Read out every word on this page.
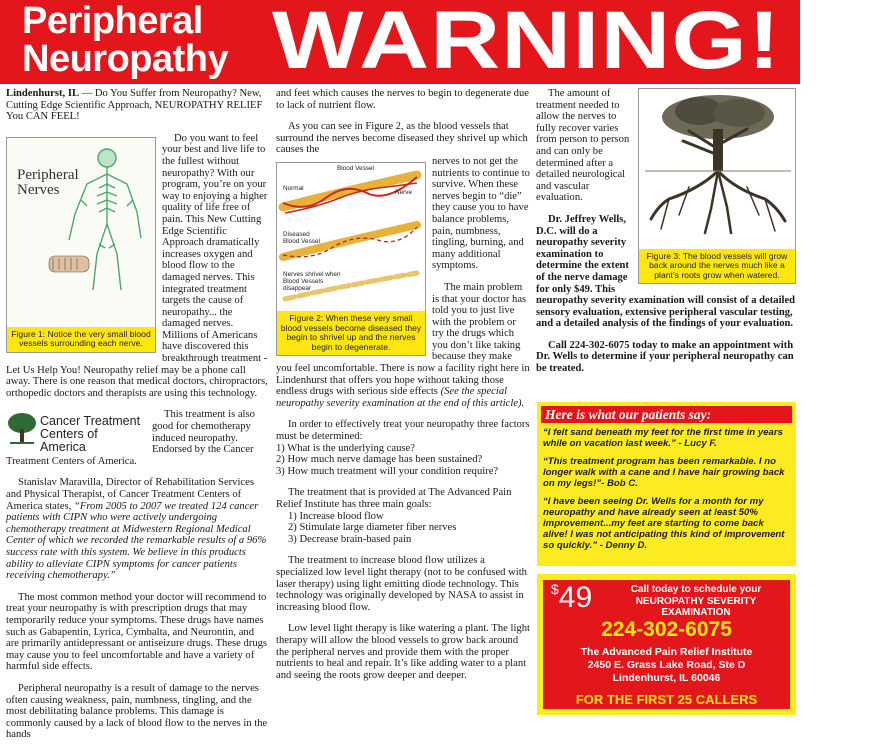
Peripheral
Neuropathy WARNING!

Lindenhurst, IL –– Do You Suffer from Neuropathy? New, Cutting Edge Scientific Approach, NEUROPATHY RELIEF You CAN FEEL!

Peripheral
Nerves
Figure 1: Notice the very small blood vessels surrounding each nerve.

Do you want to feel your best and live life to the fullest without neuropathy? With our program, you’re on your way to enjoying a higher quality of life free of pain. This New Cutting Edge Scientific Approach dramatically increases oxygen and blood flow to the damaged nerves. This integrated treatment targets the cause of neuropathy... the damaged nerves. Millions of Americans have discovered this breakthrough treatment - Let Us Help You! Neuropathy relief may be a phone call away. There is one reason that medical doctors, chiropractors, orthopedic doctors and therapists are using this technology.

Cancer Treatment
Centers of America

This treatment is also good for chemotherapy induced neuropathy. Endorsed by the Cancer Treatment Centers of America.

Stanislav Maravilla, Director of Rehabilitation Services and Physical Therapist, of Cancer Treatment Centers of America states, “From 2005 to 2007 we treated 124 cancer patients with CIPN who were actively undergoing chemotherapy treatment at Midwestern Regional Medical Center of which we recorded the remarkable results of a 96% success rate with this system. We believe in this products ability to alleviate CIPN symptoms for cancer patients receiving chemotherapy.”

The most common method your doctor will recommend to treat your neuropathy is with prescription drugs that may temporarily reduce your symptoms. These drugs have names such as Gabapentin, Lyrica, Cymbalta, and Neurontin, and are primarily antidepressant or antiseizure drugs. These drugs may cause you to feel uncomfortable and have a variety of harmful side effects.

Peripheral neuropathy is a result of damage to the nerves often causing weakness, pain, numbness, tingling, and the most debilitating balance problems. This damage is commonly caused by a lack of blood flow to the nerves in the hands

and feet which causes the nerves to begin to degenerate due to lack of nutrient flow.

As you can see in Figure 2, as the blood vessels that surround the nerves become diseased they shrivel up which causes the

Blood Vessel
Nerve
Normal
Diseased Blood Vessel
Nerves shrivel when Blood Vessels disappear
Figure 2: When these very small blood vessels become diseased they begin to shrivel up and the nerves begin to degenerate.

nerves to not get the nutrients to continue to survive. When these nerves begin to “die” they cause you to have balance problems, pain, numbness, tingling, burning, and many additional symptoms.

The main problem is that your doctor has told you to just live with the problem or try the drugs which you don’t like taking because they make you feel uncomfortable. There is now a facility right here in Lindenhurst that offers you hope without taking those endless drugs with serious side effects (See the special neuropathy severity examination at the end of this article).

In order to effectively treat your neuropathy three factors must be determined:
1) What is the underlying cause?
2) How much nerve damage has been sustained?
3) How much treatment will your condition require?

The treatment that is provided at The Advanced Pain Relief Institute has three main goals:
1) Increase blood flow
2) Stimulate large diameter fiber nerves
3) Decrease brain-based pain

The treatment to increase blood flow utilizes a specialized low level light therapy (not to be confused with laser therapy) using light emitting diode technology. This technology was originally developed by NASA to assist in increasing blood flow.

Low level light therapy is like watering a plant. The light therapy will allow the blood vessels to grow back around the peripheral nerves and provide them with the proper nutrients to heal and repair. It’s like adding water to a plant and seeing the roots grow deeper and deeper.

Figure 3: The blood vessels will grow back around the nerves much like a plant’s roots grow when watered.

The amount of treatment needed to allow the nerves to fully recover varies from person to person and can only be determined after a detailed neurological and vascular evaluation.

Dr. Jeffrey Wells, D.C. will do a neuropathy severity examination to determine the extent of the nerve damage for only $49. This neuropathy severity examination will consist of a detailed sensory evaluation, extensive peripheral vascular testing, and a detailed analysis of the findings of your evaluation.

Call 224-302-6075 today to make an appointment with Dr. Wells to determine if your peripheral neuropathy can be treated.

Here is what our patients say:

“I felt sand beneath my feet for the first time in years while on vacation last week.” - Lucy F.

“This treatment program has been remarkable. I no longer walk with a cane and I have hair growing back on my legs!”- Bob C.

“I have been seeing Dr. Wells for a month for my neuropathy and have already seen at least 50% improvement...my feet are starting to come back alive! I was not anticipating this kind of improvement so quickly.” - Denny D.

$49	Call today to schedule your
NEUROPATHY SEVERITY EXAMINATION
224-302-6075
The Advanced Pain Relief Institute
2450 E. Grass Lake Road, Ste D
Lindenhurst, IL 60046
FOR THE FIRST 25 CALLERS
